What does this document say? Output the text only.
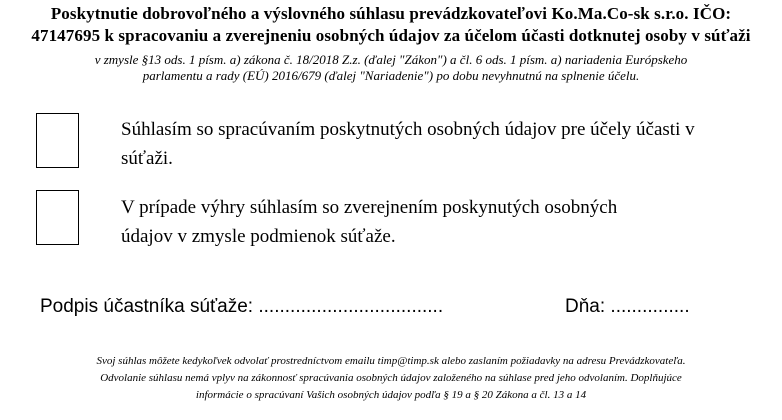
Poskytnutie dobrovoľného a výslovného súhlasu prevádzkovateľovi Ko.Ma.Co-sk s.r.o. IČO:
47147695 k spracovaniu a zverejneniu osobných údajov za účelom účasti dotknutej osoby v súťaži
v zmysle §13 ods. 1 písm. a) zákona č. 18/2018 Z.z. (ďalej "Zákon") a čl. 6 ods. 1 písm. a) nariadenia Európskeho
parlamentu a rady (EÚ) 2016/679 (ďalej "Nariadenie") po dobu nevyhnutnú na splnenie účelu.
Súhlasím so spracúvaním poskytnutých osobných údajov pre účely účasti v
súťaži.
V prípade výhry súhlasím so zverejnením poskynutých osobných
údajov v zmysle podmienok súťaže.
Podpis účastníka súťaže: ...................................	Dňa: ...............
Svoj súhlas môžete kedykoľvek odvolať prostredníctvom emailu timp@timp.sk alebo zaslaním požiadavky na adresu Prevádzkovateľa.
Odvolanie súhlasu nemá vplyv na zákonnosť spracúvania osobných údajov založeného na súhlase pred jeho odvolaním. Doplňujúce
informácie o spracúvaní Vašich osobných údajov podľa § 19 a § 20 Zákona a čl. 13 a 14
